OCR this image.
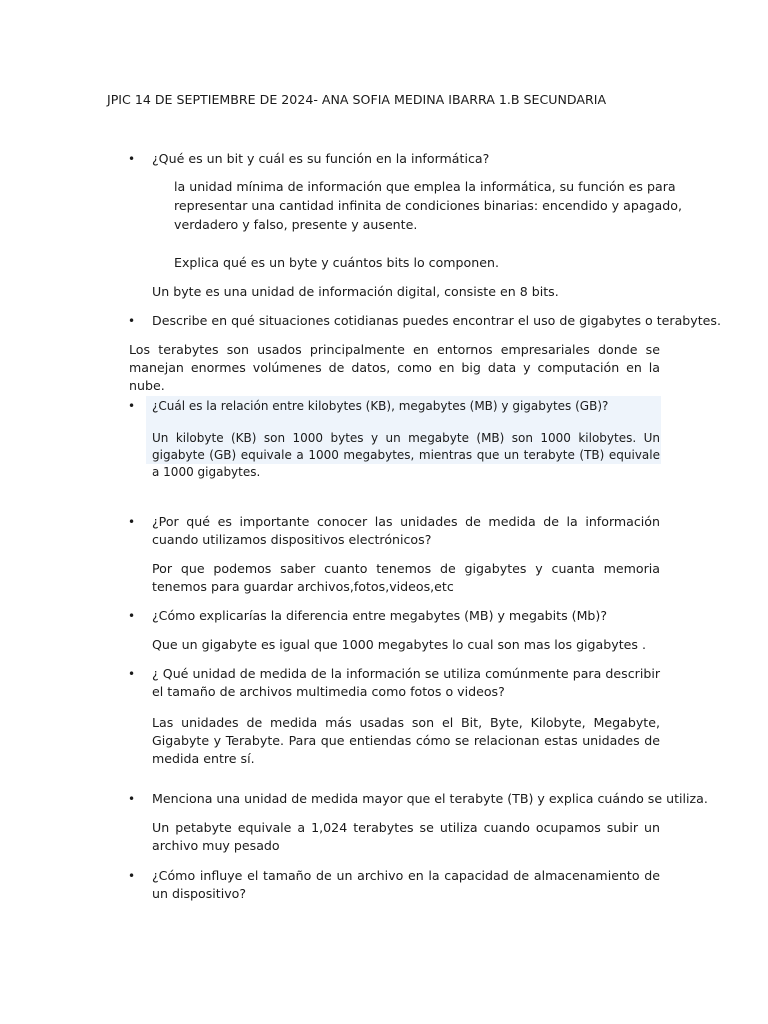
JPIC 14 DE SEPTIEMBRE DE 2024- ANA SOFIA MEDINA IBARRA 1.B SECUNDARIA
• ¿Qué es un bit y cuál es su función en la informática?
la unidad mínima de información que emplea la informática, su función es para
representar una cantidad infinita de condiciones binarias: encendido y apagado,
verdadero y falso, presente y ausente.
Explica qué es un byte y cuántos bits lo componen.
Un byte es una unidad de información digital, consiste en 8 bits.
• Describe en qué situaciones cotidianas puedes encontrar el uso de gigabytes o terabytes.
Los terabytes son usados principalmente en entornos empresariales donde se manejan enormes volúmenes de datos, como en big data y computación en la nube.
• ¿Cuál es la relación entre kilobytes (KB), megabytes (MB) y gigabytes (GB)?
Un kilobyte (KB) son 1000 bytes y un megabyte (MB) son 1000 kilobytes. Un gigabyte (GB) equivale a 1000 megabytes, mientras que un terabyte (TB) equivale a 1000 gigabytes.
• ¿Por qué es importante conocer las unidades de medida de la información cuando utilizamos dispositivos electrónicos?
Por que podemos saber cuanto tenemos de gigabytes y cuanta memoria tenemos para guardar archivos,fotos,videos,etc
• ¿Cómo explicarías la diferencia entre megabytes (MB) y megabits (Mb)?
Que un gigabyte es igual que 1000 megabytes lo cual son mas los gigabytes .
• ¿ Qué unidad de medida de la información se utiliza comúnmente para describir el tamaño de archivos multimedia como fotos o videos?
Las unidades de medida más usadas son el Bit, Byte, Kilobyte, Megabyte, Gigabyte y Terabyte. Para que entiendas cómo se relacionan estas unidades de medida entre sí.
• Menciona una unidad de medida mayor que el terabyte (TB) y explica cuándo se utiliza.
Un petabyte equivale a 1,024 terabytes se utiliza cuando ocupamos subir un archivo muy pesado
• ¿Cómo influye el tamaño de un archivo en la capacidad de almacenamiento de un dispositivo?
